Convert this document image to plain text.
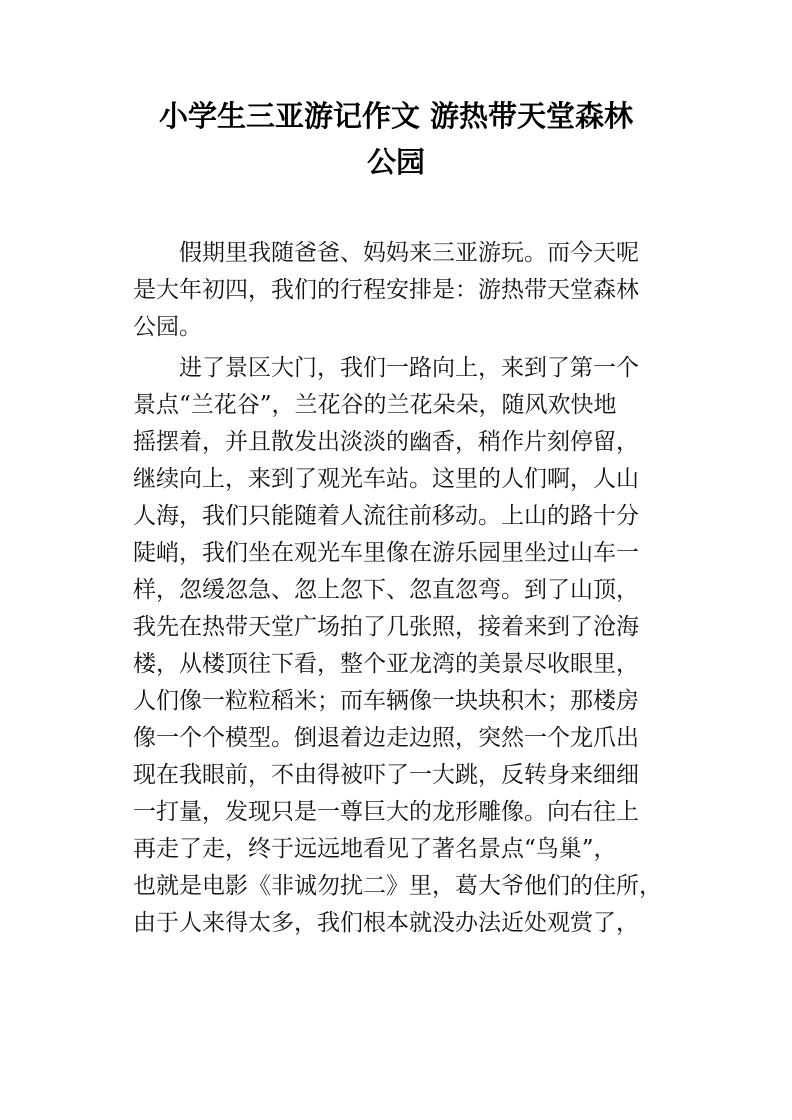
小学生三亚游记作文 游热带天堂森林
公园
假期里我随爸爸、妈妈来三亚游玩。而今天呢
是大年初四，我们的行程安排是：游热带天堂森林
公园。
进了景区大门，我们一路向上，来到了第一个
景点“兰花谷”，兰花谷的兰花朵朵，随风欢快地
摇摆着，并且散发出淡淡的幽香，稍作片刻停留，
继续向上，来到了观光车站。这里的人们啊，人山
人海，我们只能随着人流往前移动。上山的路十分
陡峭，我们坐在观光车里像在游乐园里坐过山车一
样，忽缓忽急、忽上忽下、忽直忽弯。到了山顶，
我先在热带天堂广场拍了几张照，接着来到了沧海
楼，从楼顶往下看，整个亚龙湾的美景尽收眼里，
人们像一粒粒稻米；而车辆像一块块积木；那楼房
像一个个模型。倒退着边走边照，突然一个龙爪出
现在我眼前，不由得被吓了一大跳，反转身来细细
一打量，发现只是一尊巨大的龙形雕像。向右往上
再走了走，终于远远地看见了著名景点“鸟巢”，
也就是电影《非诚勿扰二》里，葛大爷他们的住所，
由于人来得太多，我们根本就没办法近处观赏了，
